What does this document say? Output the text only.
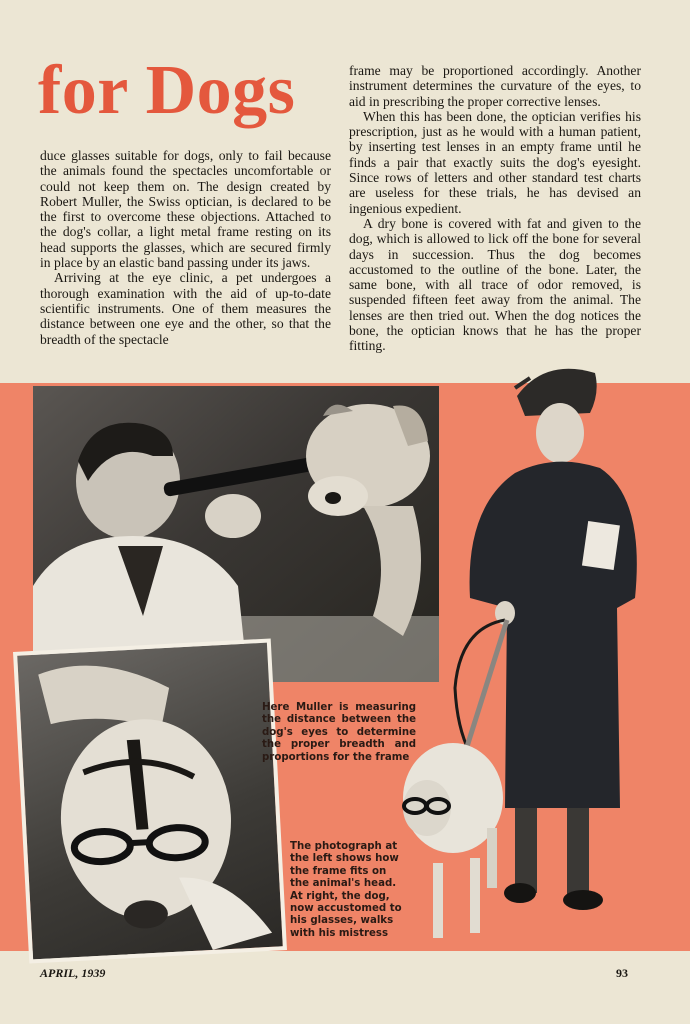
for Dogs

duce glasses suitable for dogs, only to fail because the animals found the spectacles uncomfortable or could not keep them on. The design created by Robert Muller, the Swiss optician, is declared to be the first to overcome these objections. Attached to the dog's collar, a light metal frame resting on its head supports the glasses, which are secured firmly in place by an elastic band passing under its jaws.

Arriving at the eye clinic, a pet undergoes a thorough examination with the aid of up-to-date scientific instruments. One of them measures the distance between one eye and the other, so that the breadth of the spectacle

frame may be proportioned accordingly. Another instrument determines the curvature of the eyes, to aid in prescribing the proper corrective lenses.

When this has been done, the optician verifies his prescription, just as he would with a human patient, by inserting test lenses in an empty frame until he finds a pair that exactly suits the dog's eyesight. Since rows of letters and other standard test charts are useless for these trials, he has devised an ingenious expedient.

A dry bone is covered with fat and given to the dog, which is allowed to lick off the bone for several days in succession. Thus the dog becomes accustomed to the outline of the bone. Later, the same bone, with all trace of odor removed, is suspended fifteen feet away from the animal. The lenses are then tried out. When the dog notices the bone, the optician knows that he has the proper fitting.

Here Muller is measuring the distance between the dog's eyes to determine the proper breadth and proportions for the frame

The photograph at the left shows how the frame fits on the animal's head. At right, the dog, now accustomed to his glasses, walks with his mistress

APRIL, 1939	93
